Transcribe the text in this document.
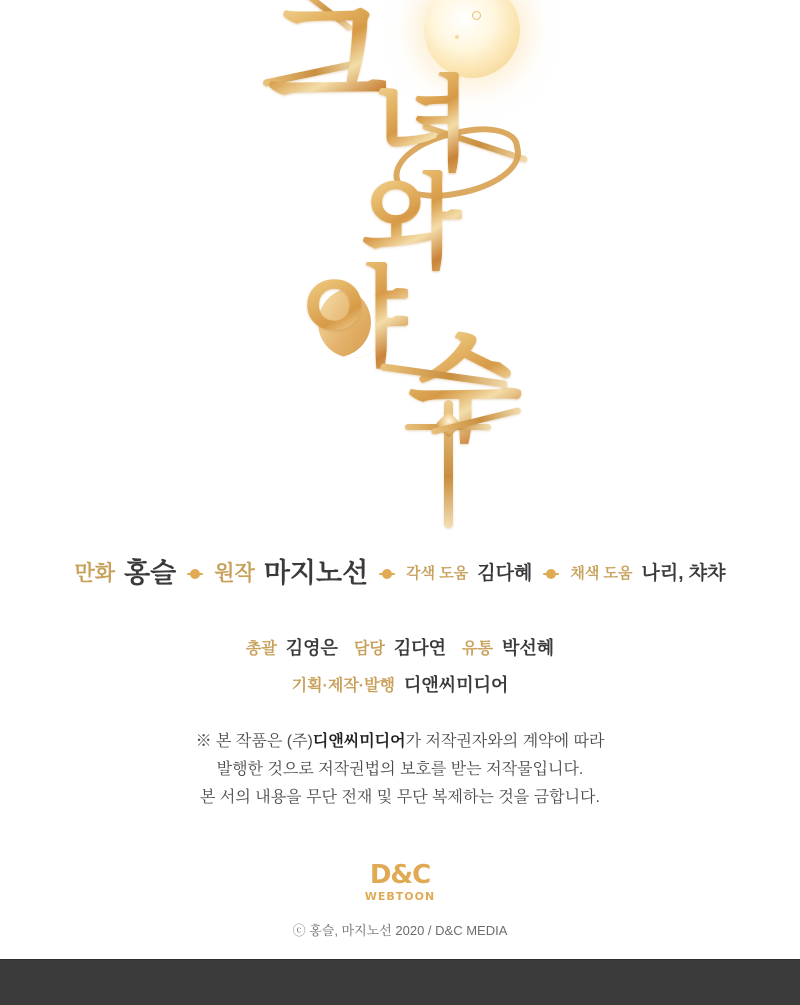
그
녀
와
야
수
만화 홍슬 원작 마지노선	각색 도움 김다혜	채색 도움 나리, 챠챠
총괄 김영은 담당 김다연 유통 박선혜
기획·제작·발행 디앤씨미디어
※ 본 작품은 (주)디앤씨미디어가 저작권자와의 계약에 따라
발행한 것으로 저작권법의 보호를 받는 저작물입니다.
본 서의 내용을 무단 전재 및 무단 복제하는 것을 금합니다.
D&C
WEBTOON
ⓒ 홍슬, 마지노선 2020 / D&C MEDIA
